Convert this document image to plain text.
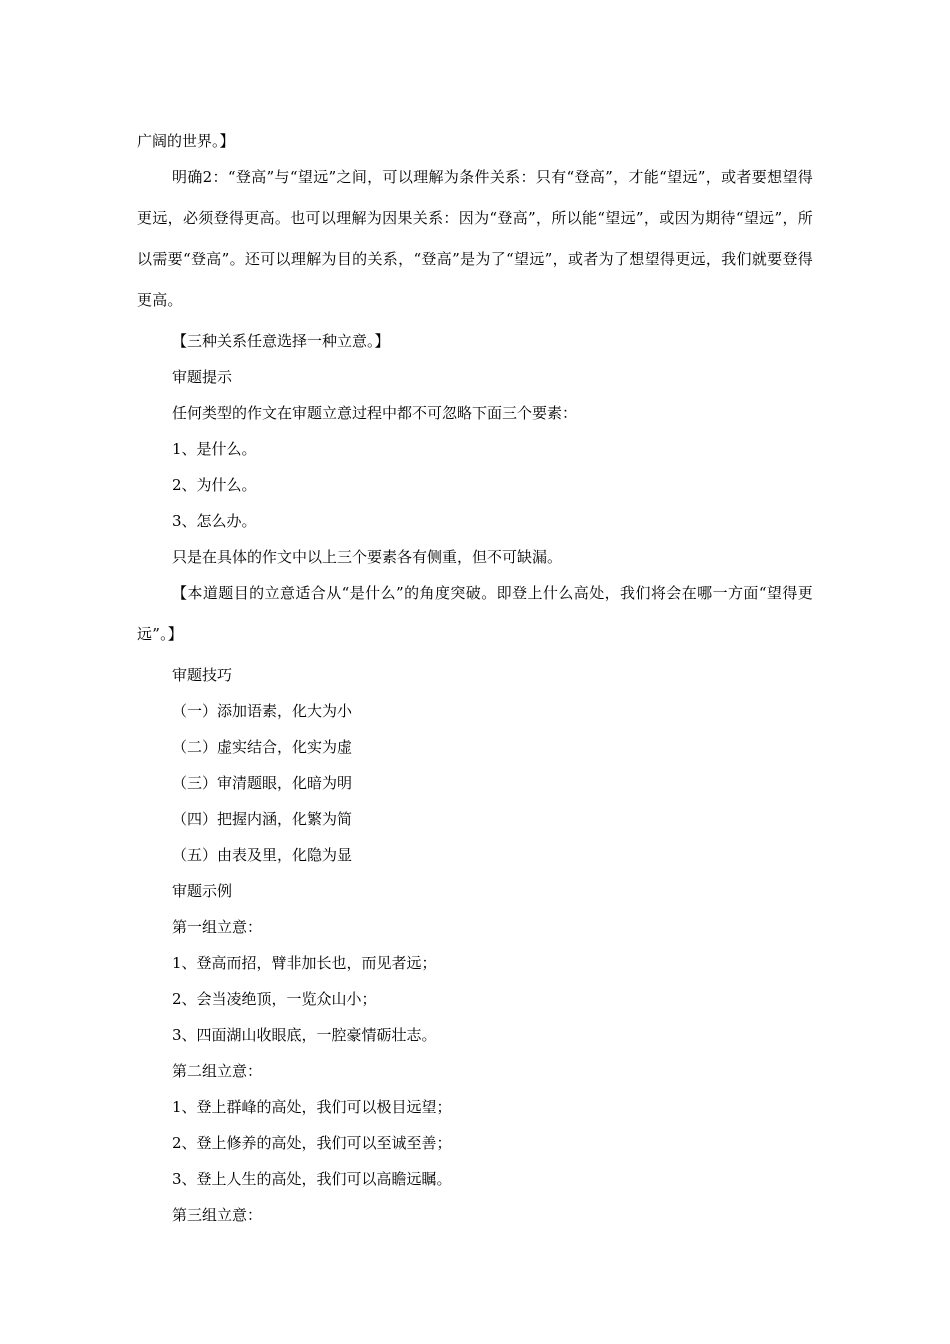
广阔的世界。】

明确2：“登高”与“望远”之间，可以理解为条件关系：只有“登高”，才能“望远”，或者要想望得更远，必须登得更高。也可以理解为因果关系：因为“登高”，所以能“望远”，或因为期待“望远”，所以需要“登高”。还可以理解为目的关系，“登高”是为了“望远”，或者为了想望得更远，我们就要登得更高。

【三种关系任意选择一种立意。】

审题提示

任何类型的作文在审题立意过程中都不可忽略下面三个要素：

1、是什么。

2、为什么。

3、怎么办。

只是在具体的作文中以上三个要素各有侧重，但不可缺漏。

【本道题目的立意适合从“是什么”的角度突破。即登上什么高处，我们将会在哪一方面“望得更远”。】

审题技巧

（一）添加语素，化大为小

（二）虚实结合，化实为虚

（三）审清题眼，化暗为明

（四）把握内涵，化繁为简

（五）由表及里，化隐为显

审题示例

第一组立意：

1、登高而招，臂非加长也，而见者远；

2、会当凌绝顶，一览众山小；

3、四面湖山收眼底，一腔豪情砺壮志。

第二组立意：

1、登上群峰的高处，我们可以极目远望；

2、登上修养的高处，我们可以至诚至善；

3、登上人生的高处，我们可以高瞻远瞩。

第三组立意：
